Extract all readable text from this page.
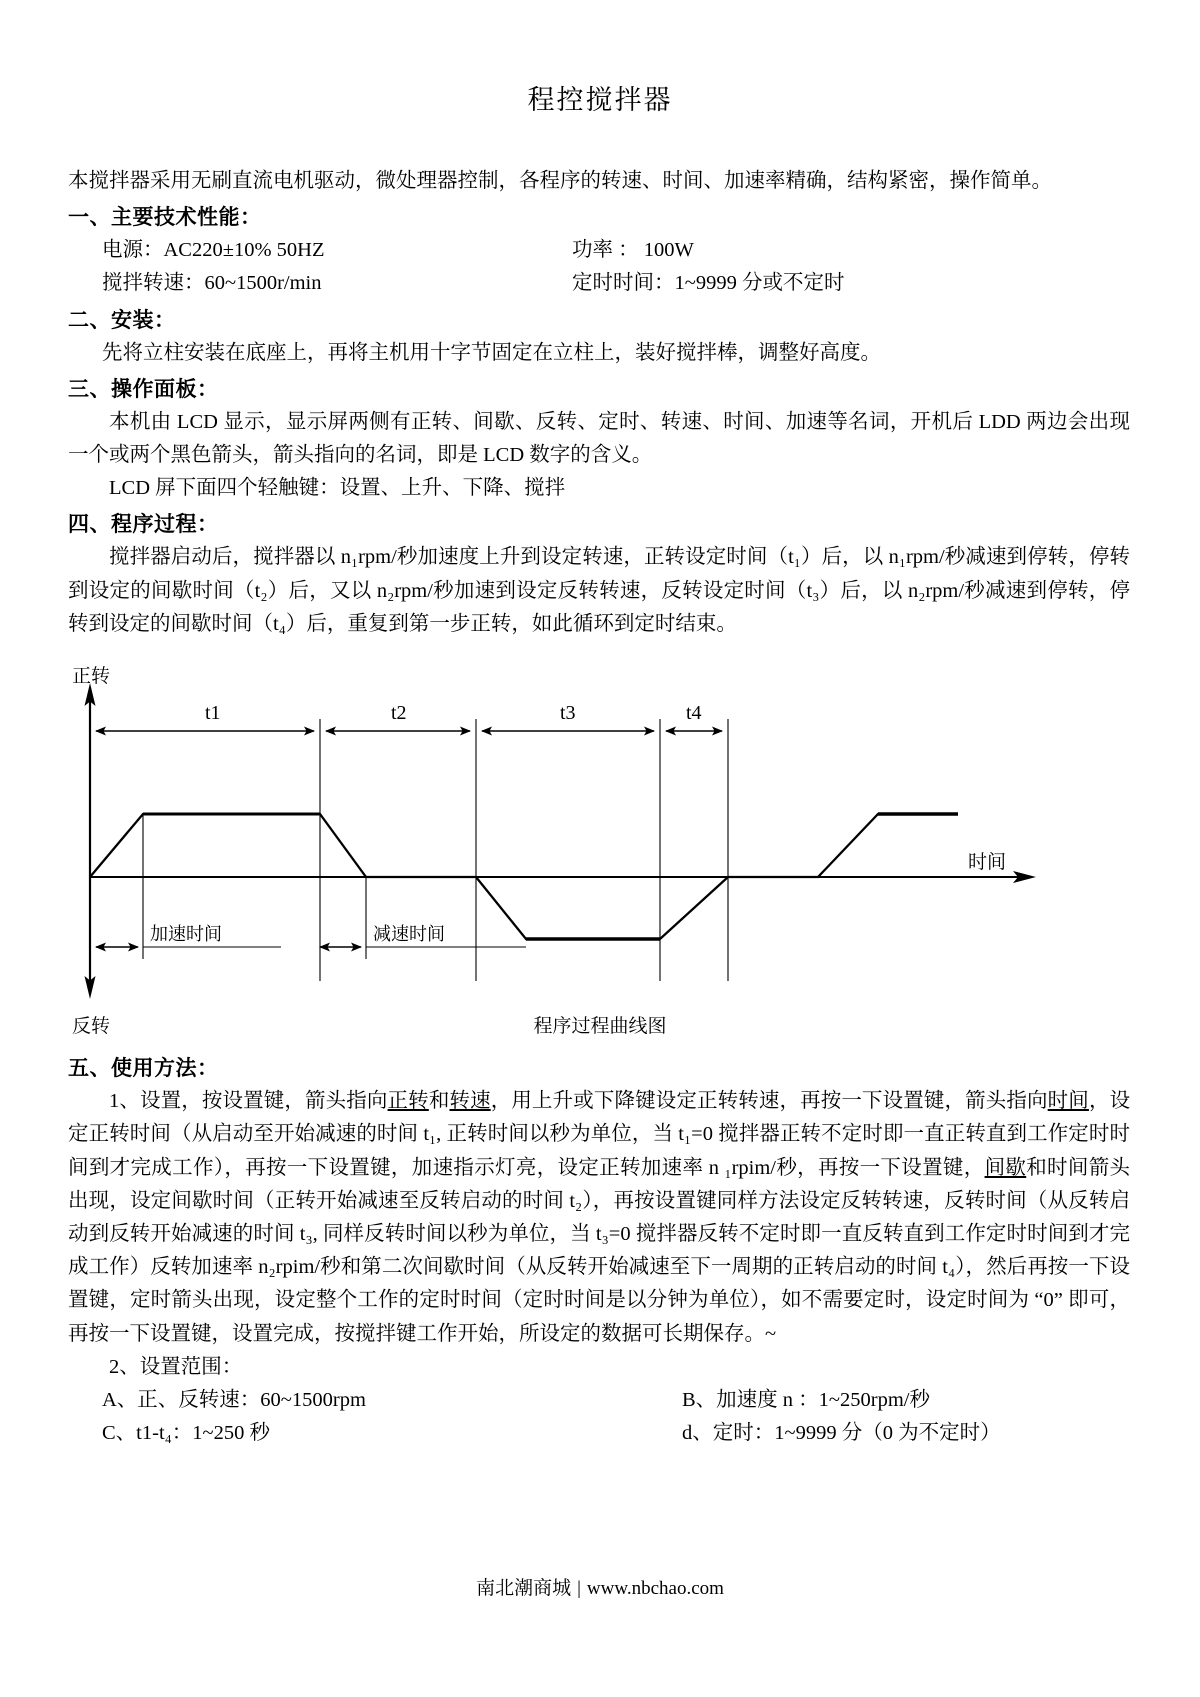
程控搅拌器

本搅拌器采用无刷直流电机驱动，微处理器控制，各程序的转速、时间、加速率精确，结构紧密，操作简单。

一、主要技术性能：

电源：AC220±10% 50HZ	功率 ： 100W

搅拌转速：60~1500r/min	定时时间：1~9999 分或不定时

二、安装：

先将立柱安装在底座上，再将主机用十字节固定在立柱上，装好搅拌棒，调整好高度。

三、操作面板：

本机由 LCD 显示，显示屏两侧有正转、间歇、反转、定时、转速、时间、加速等名词，开机后 LDD 两边会出现一个或两个黑色箭头，箭头指向的名词，即是 LCD 数字的含义。

LCD 屏下面四个轻触键：设置、上升、下降、搅拌

四、程序过程：

搅拌器启动后，搅拌器以 n₁rpm/秒加速度上升到设定转速，正转设定时间（t₁）后，以 n₁rpm/秒减速到停转，停转到设定的间歇时间（t₂）后，又以 n₂rpm/秒加速到设定反转转速，反转设定时间（t₃）后，以 n₂rpm/秒减速到停转，停转到设定的间歇时间（t₄）后，重复到第一步正转，如此循环到定时结束。

正转
反转
时间
t1	t2	t3	t4
加速时间	减速时间
程序过程曲线图

五、使用方法：

1、设置，按设置键，箭头指向正转和转速，用上升或下降键设定正转转速，再按一下设置键，箭头指向时间，设定正转时间（从启动至开始减速的时间 t₁, 正转时间以秒为单位，当 t₁=0 搅拌器正转不定时即一直正转直到工作定时时间到才完成工作），再按一下设置键，加速指示灯亮，设定正转加速率 n ₁rpim/秒，再按一下设置键，间歇和时间箭头出现，设定间歇时间（正转开始减速至反转启动的时间 t₂），再按设置键同样方法设定反转转速，反转时间（从反转启动到反转开始减速的时间 t₃, 同样反转时间以秒为单位，当 t₃=0 搅拌器反转不定时即一直反转直到工作定时时间到才完成工作）反转加速率 n₂rpim/秒和第二次间歇时间（从反转开始减速至下一周期的正转启动的时间 t₄），然后再按一下设置键，定时箭头出现，设定整个工作的定时时间（定时时间是以分钟为单位），如不需要定时，设定时间为 “0” 即可，再按一下设置键，设置完成，按搅拌键工作开始，所设定的数据可长期保存。~

2、设置范围：

A、正、反转速：60~1500rpm	B、加速度 n ：1~250rpm/秒

C、t1-t₄：1~250 秒	d、定时：1~9999 分（0 为不定时）

南北潮商城 | www.nbchao.com
